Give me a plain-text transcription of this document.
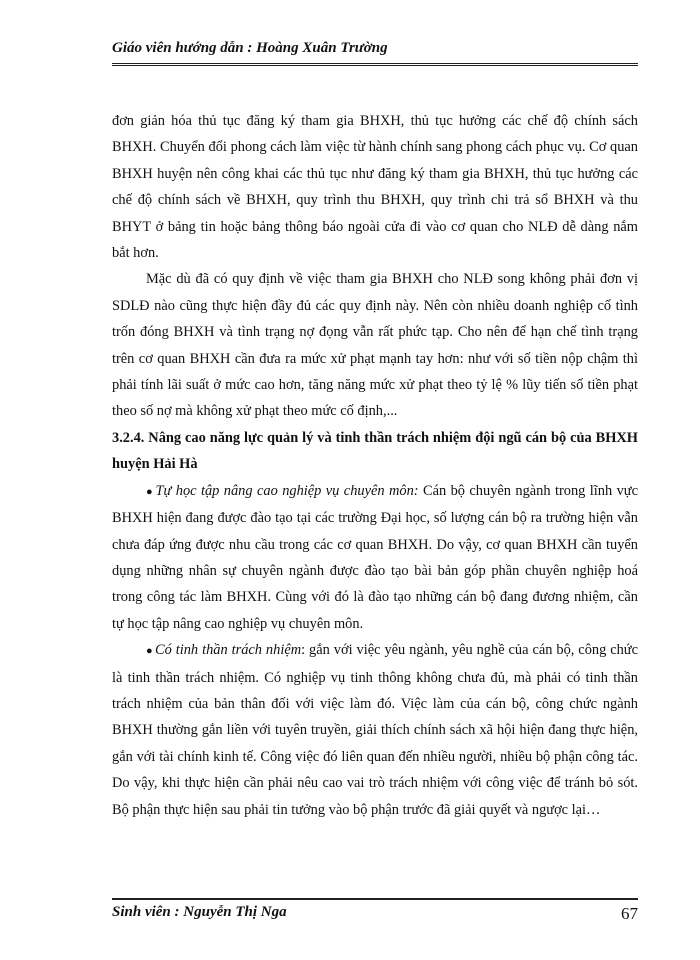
Giáo viên hướng dẫn : Hoàng Xuân Trường

đơn giản hóa thủ tục đăng ký tham gia BHXH, thủ tục hưởng các chế độ chính sách BHXH. Chuyển đổi phong cách làm việc từ hành chính sang phong cách phục vụ. Cơ quan BHXH huyện nên công khai các thủ tục như đăng ký tham gia BHXH, thủ tục hưởng các chế độ chính sách về BHXH, quy trình thu BHXH, quy trình chi trả sổ BHXH và thu BHYT ở bảng tin hoặc bảng thông báo ngoài cửa đi vào cơ quan cho NLĐ dễ dàng nắm bắt hơn.

Mặc dù đã có quy định về việc tham gia BHXH cho NLĐ song không phải đơn vị SDLĐ nào cũng thực hiện đầy đủ các quy định này. Nên còn nhiều doanh nghiệp cố tình trốn đóng BHXH và tình trạng nợ đọng vẫn rất phức tạp. Cho nên để hạn chế tình trạng trên cơ quan BHXH cần đưa ra mức xử phạt mạnh tay hơn: như với số tiền nộp chậm thì phải tính lãi suất ở mức cao hơn, tăng năng mức xử phạt theo tỷ lệ % lũy tiến số tiền phạt theo số nợ mà không xử phạt theo mức cố định,...

3.2.4. Nâng cao năng lực quản lý và tinh thần trách nhiệm đội ngũ cán bộ của BHXH huyện Hải Hà

● Tự học tập nâng cao nghiệp vụ chuyên môn: Cán bộ chuyên ngành trong lĩnh vực BHXH hiện đang được đào tạo tại các trường Đại học, số lượng cán bộ ra trường hiện vẫn chưa đáp ứng được nhu cầu trong các cơ quan BHXH. Do vậy, cơ quan BHXH cần tuyển dụng những nhân sự chuyên ngành được đào tạo bài bản góp phần chuyên nghiệp hoá trong công tác làm BHXH. Cùng với đó là đào tạo những cán bộ đang đương nhiệm, cần tự học tập nâng cao nghiệp vụ chuyên môn.

● Có tinh thần trách nhiệm: gắn với việc yêu ngành, yêu nghề của cán bộ, công chức là tinh thần trách nhiệm. Có nghiệp vụ tinh thông không chưa đủ, mà phải có tinh thần trách nhiệm của bản thân đối với việc làm đó. Việc làm của cán bộ, công chức ngành BHXH thường gắn liền với tuyên truyền, giải thích chính sách xã hội hiện đang thực hiện, gắn với tài chính kinh tế. Công việc đó liên quan đến nhiều người, nhiều bộ phận công tác. Do vậy, khi thực hiện cần phải nêu cao vai trò trách nhiệm với công việc để tránh bỏ sót. Bộ phận thực hiện sau phải tin tưởng vào bộ phận trước đã giải quyết và ngược lại…

Sinh viên : Nguyễn Thị Nga	67
